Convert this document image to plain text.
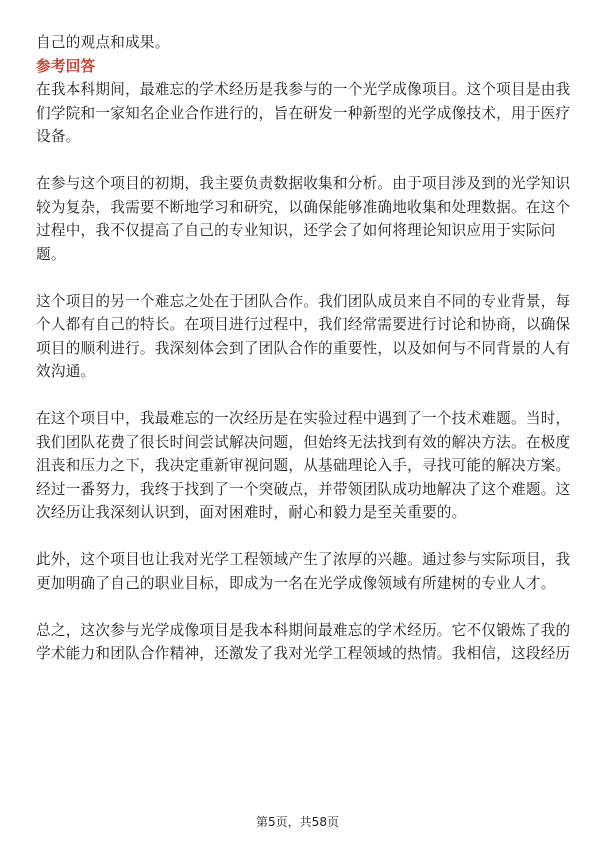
自己的观点和成果。

参考回答

在我本科期间，最难忘的学术经历是我参与的一个光学成像项目。这个项目是由我

们学院和一家知名企业合作进行的，旨在研发一种新型的光学成像技术，用于医疗

设备。

在参与这个项目的初期，我主要负责数据收集和分析。由于项目涉及到的光学知识

较为复杂，我需要不断地学习和研究，以确保能够准确地收集和处理数据。在这个

过程中，我不仅提高了自己的专业知识，还学会了如何将理论知识应用于实际问

题。

这个项目的另一个难忘之处在于团队合作。我们团队成员来自不同的专业背景，每

个人都有自己的特长。在项目进行过程中，我们经常需要进行讨论和协商，以确保

项目的顺利进行。我深刻体会到了团队合作的重要性，以及如何与不同背景的人有

效沟通。

在这个项目中，我最难忘的一次经历是在实验过程中遇到了一个技术难题。当时，

我们团队花费了很长时间尝试解决问题，但始终无法找到有效的解决方法。在极度

沮丧和压力之下，我决定重新审视问题，从基础理论入手，寻找可能的解决方案。

经过一番努力，我终于找到了一个突破点，并带领团队成功地解决了这个难题。这

次经历让我深刻认识到，面对困难时，耐心和毅力是至关重要的。

此外，这个项目也让我对光学工程领域产生了浓厚的兴趣。通过参与实际项目，我

更加明确了自己的职业目标，即成为一名在光学成像领域有所建树的专业人才。

总之，这次参与光学成像项目是我本科期间最难忘的学术经历。它不仅锻炼了我的

学术能力和团队合作精神，还激发了我对光学工程领域的热情。我相信，这段经历

第5页，共58页
